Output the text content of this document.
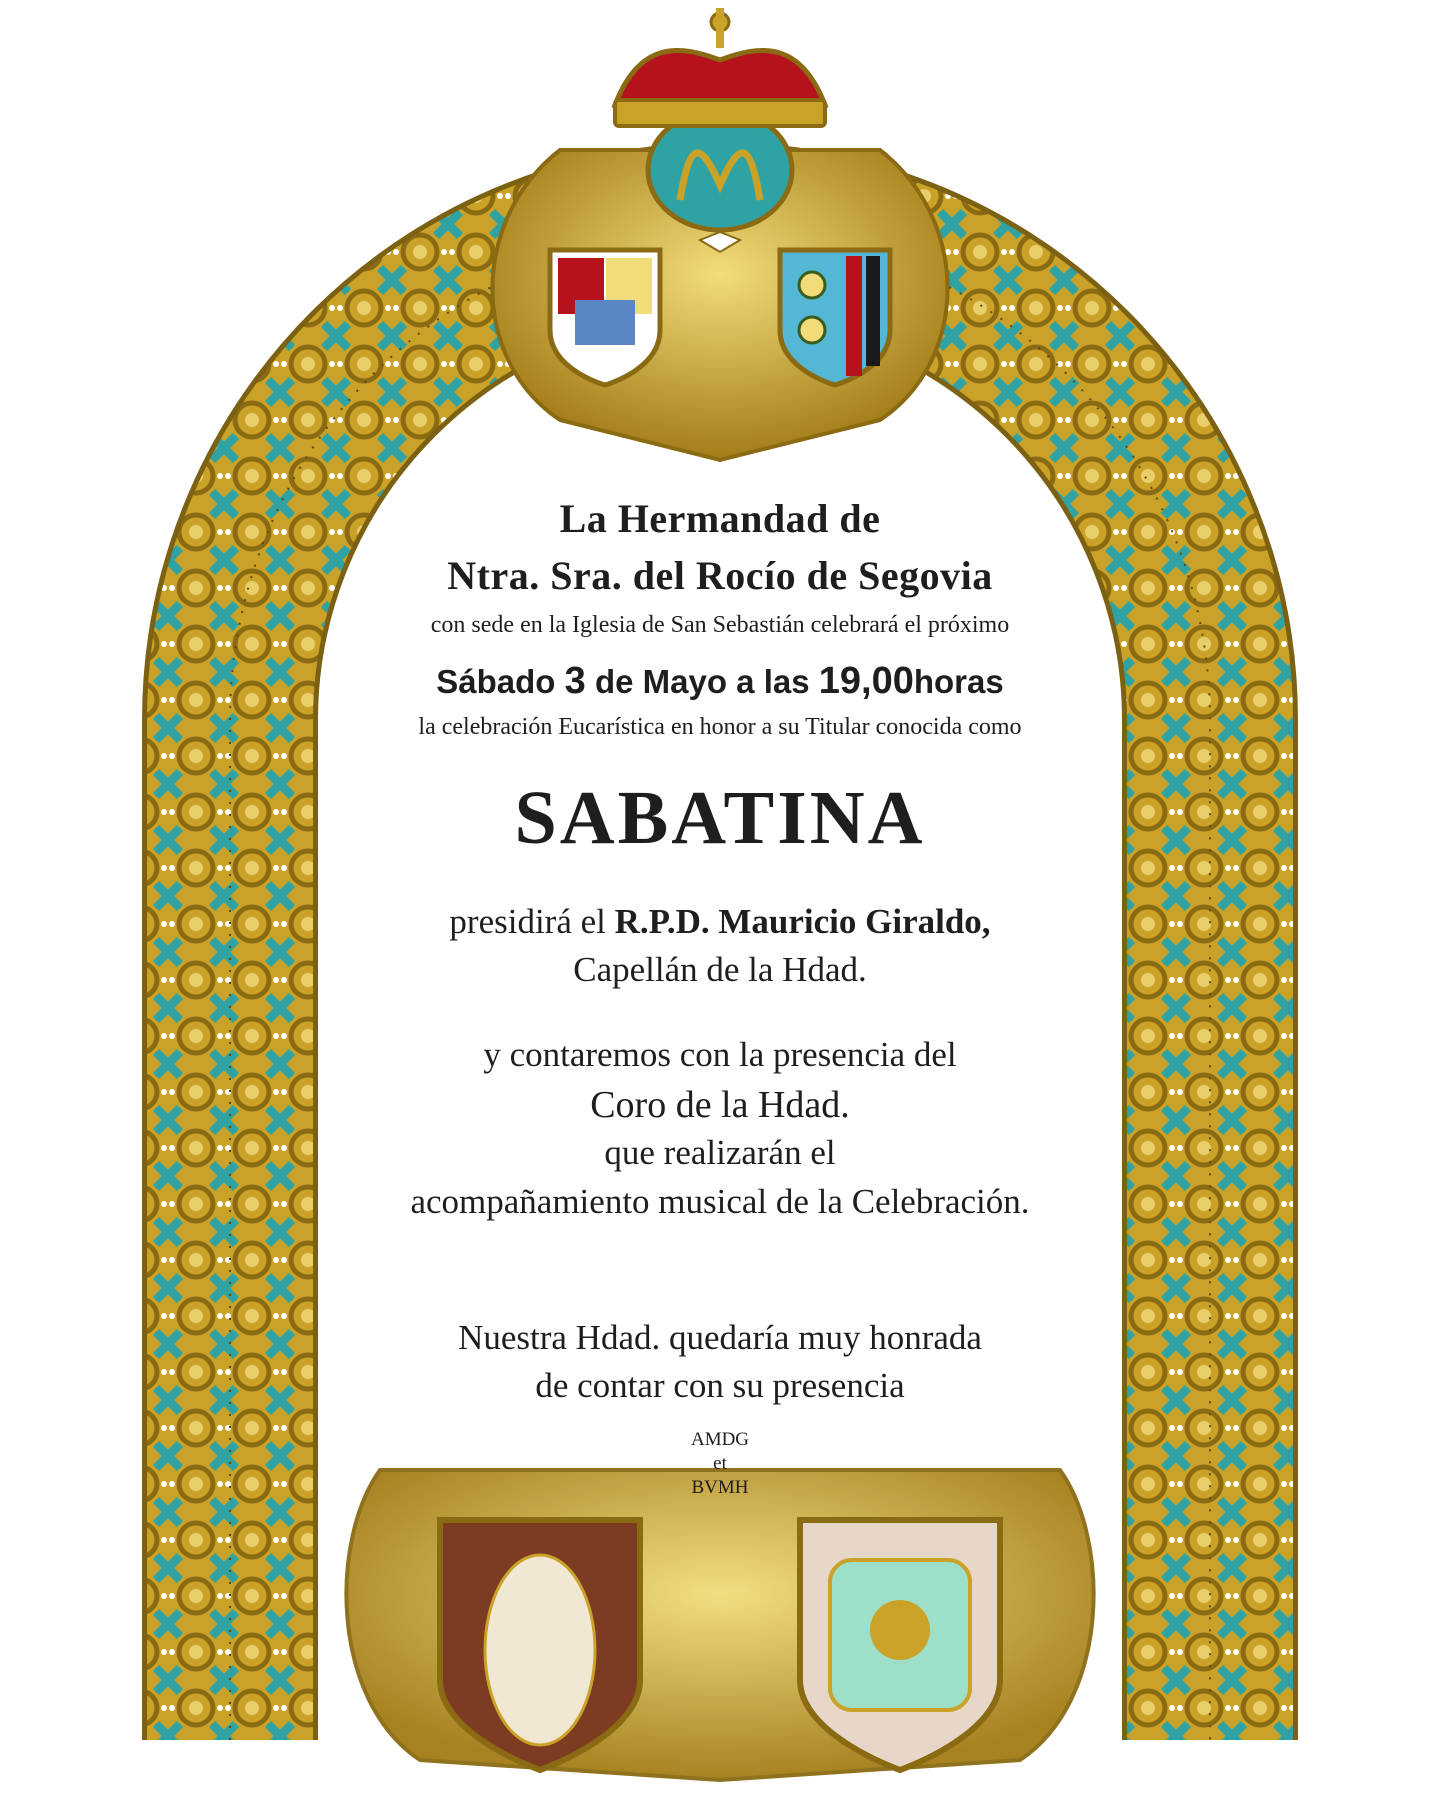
La Hermandad de
Ntra. Sra. del Rocío de Segovia
con sede en la Iglesia de San Sebastián celebrará el próximo
Sábado 3 de Mayo a las 19,00horas
la celebración Eucarística en honor a su Titular conocida como
SABATINA
presidirá el R.P.D. Mauricio Giraldo,
Capellán de la Hdad.
y contaremos con la presencia del
Coro de la Hdad.
que realizarán el
acompañamiento musical de la Celebración.
Nuestra Hdad. quedaría muy honrada
de contar con su presencia
AMDG
et
BVMH
